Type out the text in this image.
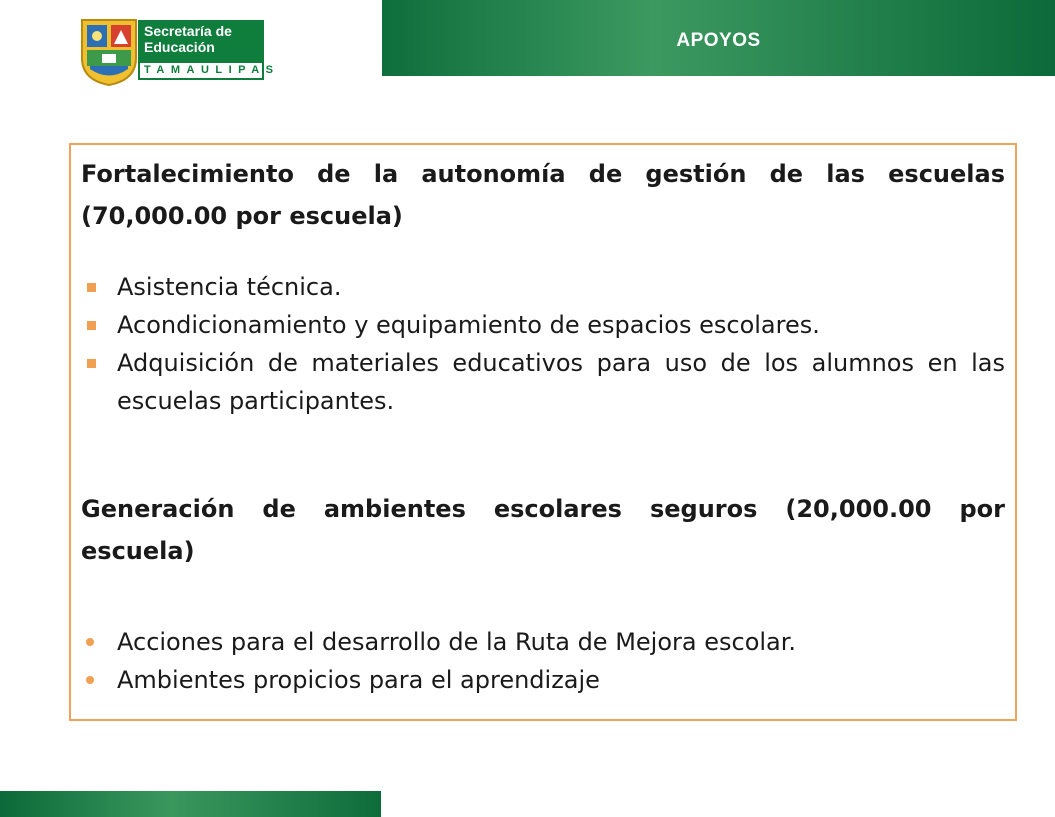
Secretaría de
Educación
TAMAULIPAS
APOYOS

Fortalecimiento de la autonomía de gestión de las escuelas (70,000.00 por escuela)

Asistencia técnica.
Acondicionamiento y equipamiento de espacios escolares.
Adquisición de materiales educativos para uso de los alumnos en las escuelas participantes.

Generación de ambientes escolares seguros (20,000.00 por escuela)

Acciones para el desarrollo de la Ruta de Mejora escolar.
Ambientes propicios para el aprendizaje
